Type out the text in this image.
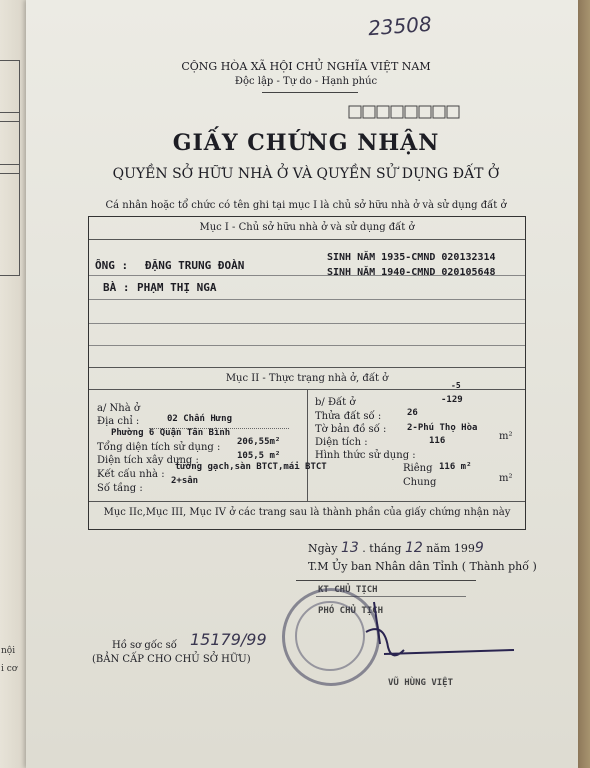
nội
i cơ
23508
CỘNG HÒA XÃ HỘI CHỦ NGHĨA VIỆT NAM
Độc lập - Tự do - Hạnh phúc
GIẤY CHỨNG NHẬN
QUYỀN SỞ HỮU NHÀ Ở VÀ QUYỀN SỬ DỤNG ĐẤT Ở
Cá nhân hoặc tổ chức có tên ghi tại mục I là chủ sở hữu nhà ở và sử dụng đất ở
Mục I - Chủ sở hữu nhà ở và sử dụng đất ở
ÔNG : ĐẶNG TRUNG ĐOÀN
SINH NĂM 1935-CMND 020132314
BÀ : PHẠM THỊ NGA
SINH NĂM 1940-CMND 020105648
Mục II - Thực trạng nhà ở, đất ở
a/ Nhà ở
Địa chỉ :	02 Chấn Hưng
Phường 6 Quận Tân Bình
Tổng diện tích sử dụng : 206,55m²
Diện tích xây dựng :	105,5 m²
Kết cấu nhà :
tường gạch,sàn BTCT,mái BTCT
Số tầng :
2+sân
b/ Đất ở
-5
-129
Thửa đất số :	26
Tờ bản đồ số : 2-Phú Thọ Hòa
Diện tích :	116	m²
Hình thức sử dụng :
Riêng 116 m²
Chung	m²
Mục IIc,Mục III, Mục IV ở các trang sau là thành phần của giấy chứng nhận này
Ngày 13 . tháng 12 năm 1999
T.M Ủy ban Nhân dân Tỉnh ( Thành phố )
KT CHỦ TỊCH
PHÓ CHỦ TỊCH
VŨ HÙNG VIỆT
Hồ sơ gốc số 15179/99
(BẢN CẤP CHO CHỦ SỞ HỮU)
